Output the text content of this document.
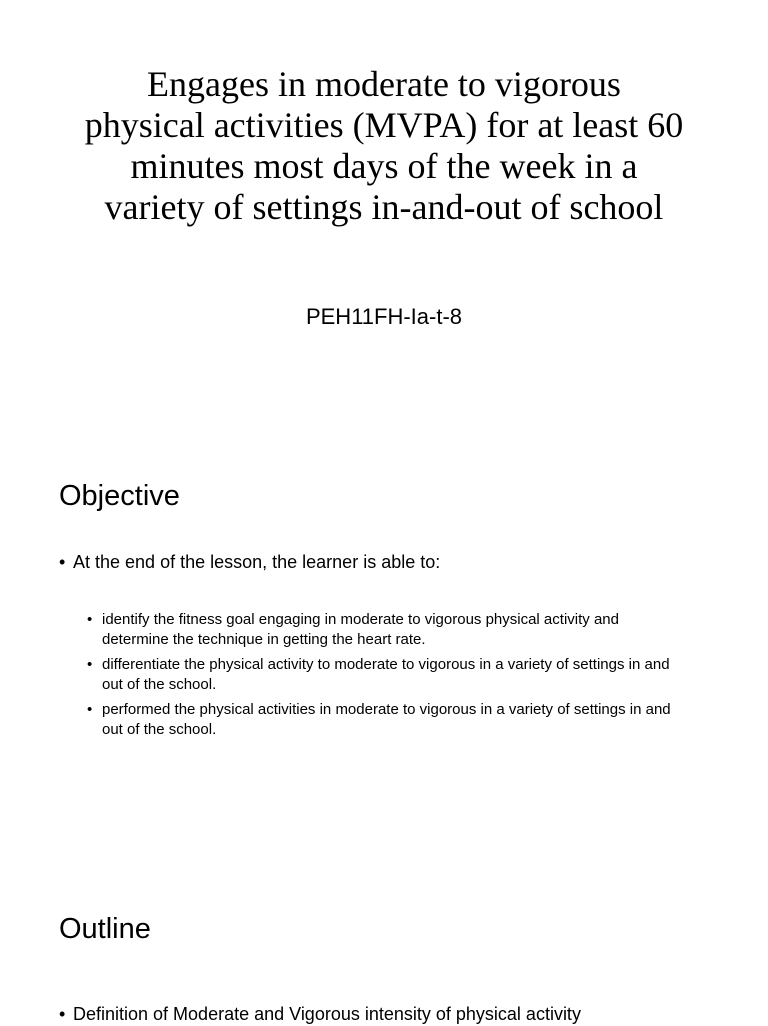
Engages in moderate to vigorous physical activities (MVPA) for at least 60 minutes most days of the week in a variety of settings in-and-out of school
PEH11FH-Ia-t-8
Objective
• At the end of the lesson, the learner is able to:
• identify the fitness goal engaging in moderate to vigorous physical activity and determine the technique in getting the heart rate.
• differentiate the physical activity to moderate to vigorous in a variety of settings in and out of the school.
• performed the physical activities in moderate to vigorous in a variety of settings in and out of the school.
Outline
• Definition of Moderate and Vigorous intensity of physical activity
